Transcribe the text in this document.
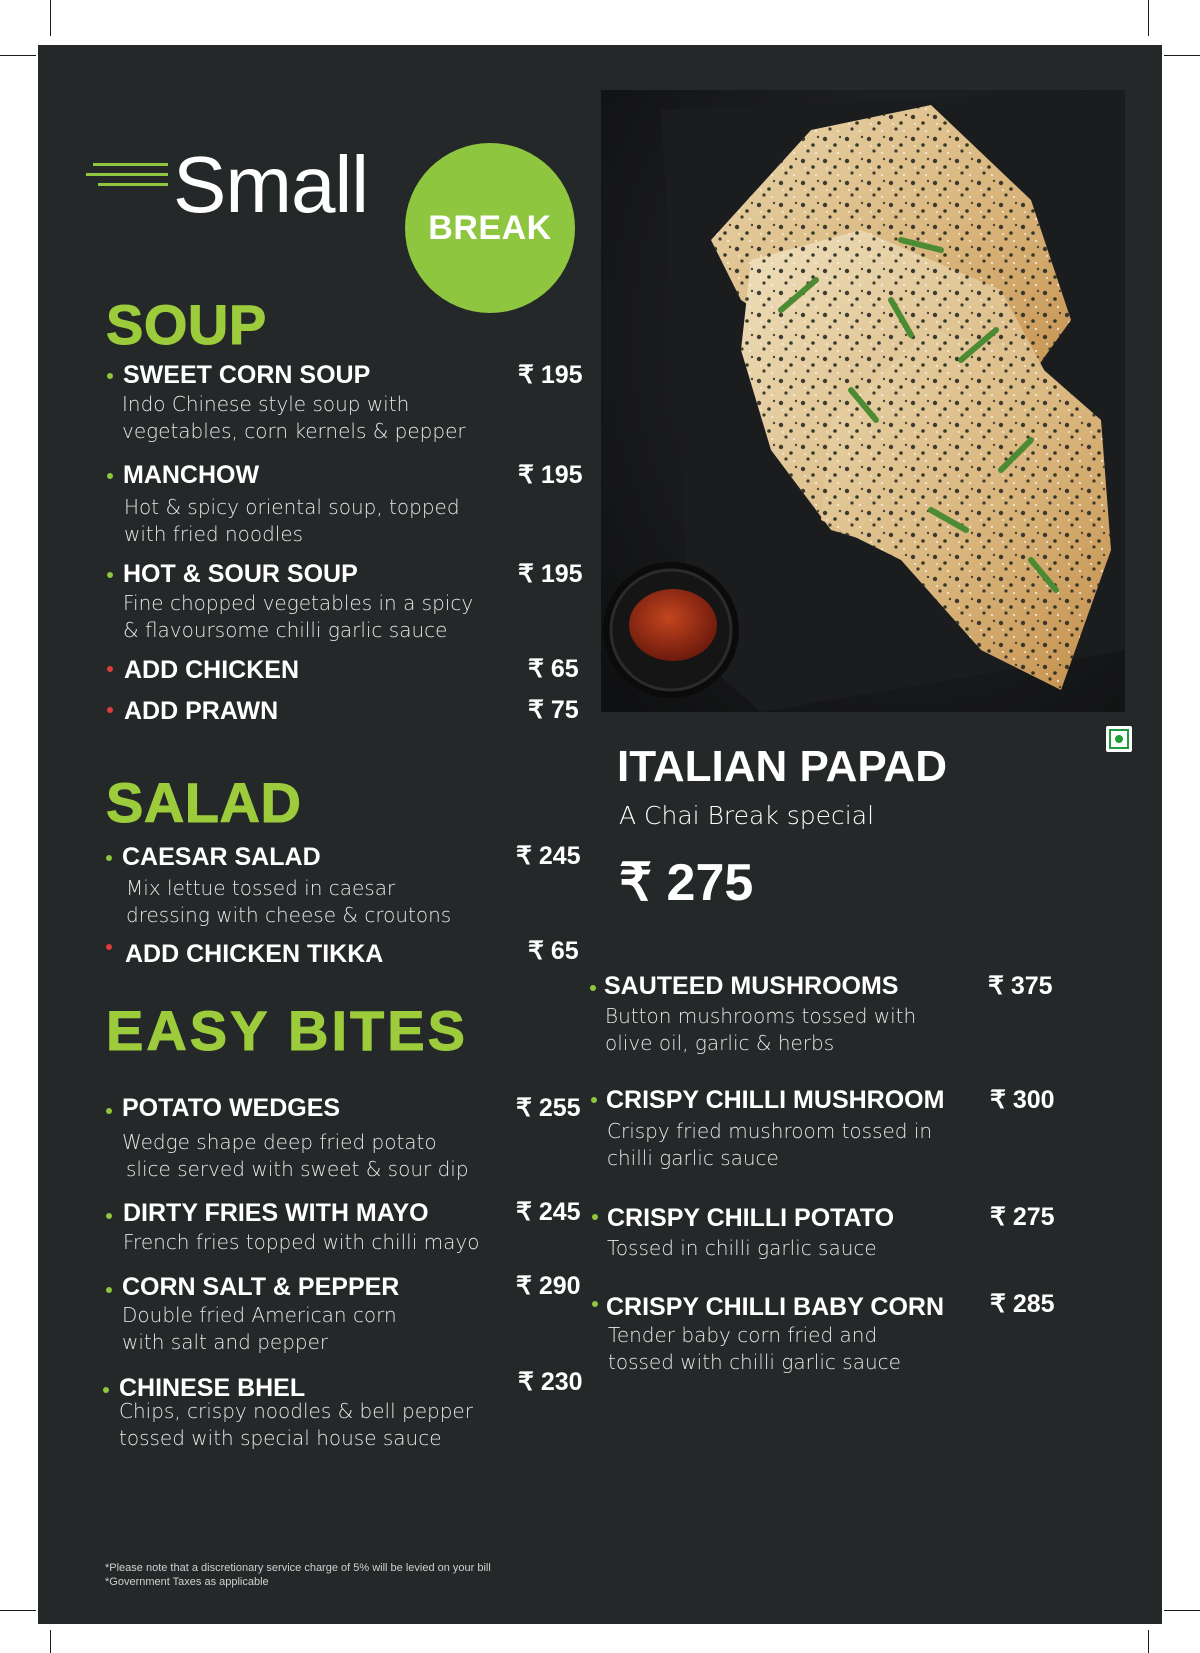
Small BREAK
SOUP
SWEET CORN SOUP	₹ 195
Indo Chinese style soup with
vegetables, corn kernels & pepper
MANCHOW	₹ 195
Hot & spicy oriental soup, topped
with fried noodles
HOT & SOUR SOUP	₹ 195
Fine chopped vegetables in a spicy
& flavoursome chilli garlic sauce
ADD CHICKEN	₹ 65
ADD PRAWN	₹ 75
SALAD
CAESAR SALAD	₹ 245
Mix lettue tossed in caesar
dressing with cheese & croutons
ADD CHICKEN TIKKA	₹ 65
EASY BITES
POTATO WEDGES	₹ 255
Wedge shape deep fried potato
slice served with sweet & sour dip
DIRTY FRIES WITH MAYO	₹ 245
French fries topped with chilli mayo
CORN SALT & PEPPER	₹ 290
Double fried American corn
with salt and pepper
CHINESE BHEL	₹ 230
Chips, crispy noodles & bell pepper
tossed with special house sauce
*Please note that a discretionary service charge of 5% will be levied on your bill
*Government Taxes as applicable
ITALIAN PAPAD
A Chai Break special
₹ 275
SAUTEED MUSHROOMS	₹ 375
Button mushrooms tossed with
olive oil, garlic & herbs
CRISPY CHILLI MUSHROOM ₹ 300
Crispy fried mushroom tossed in
chilli garlic sauce
CRISPY CHILLI POTATO	₹ 275
Tossed in chilli garlic sauce
CRISPY CHILLI BABY CORN ₹ 285
Tender baby corn fried and
tossed with chilli garlic sauce
